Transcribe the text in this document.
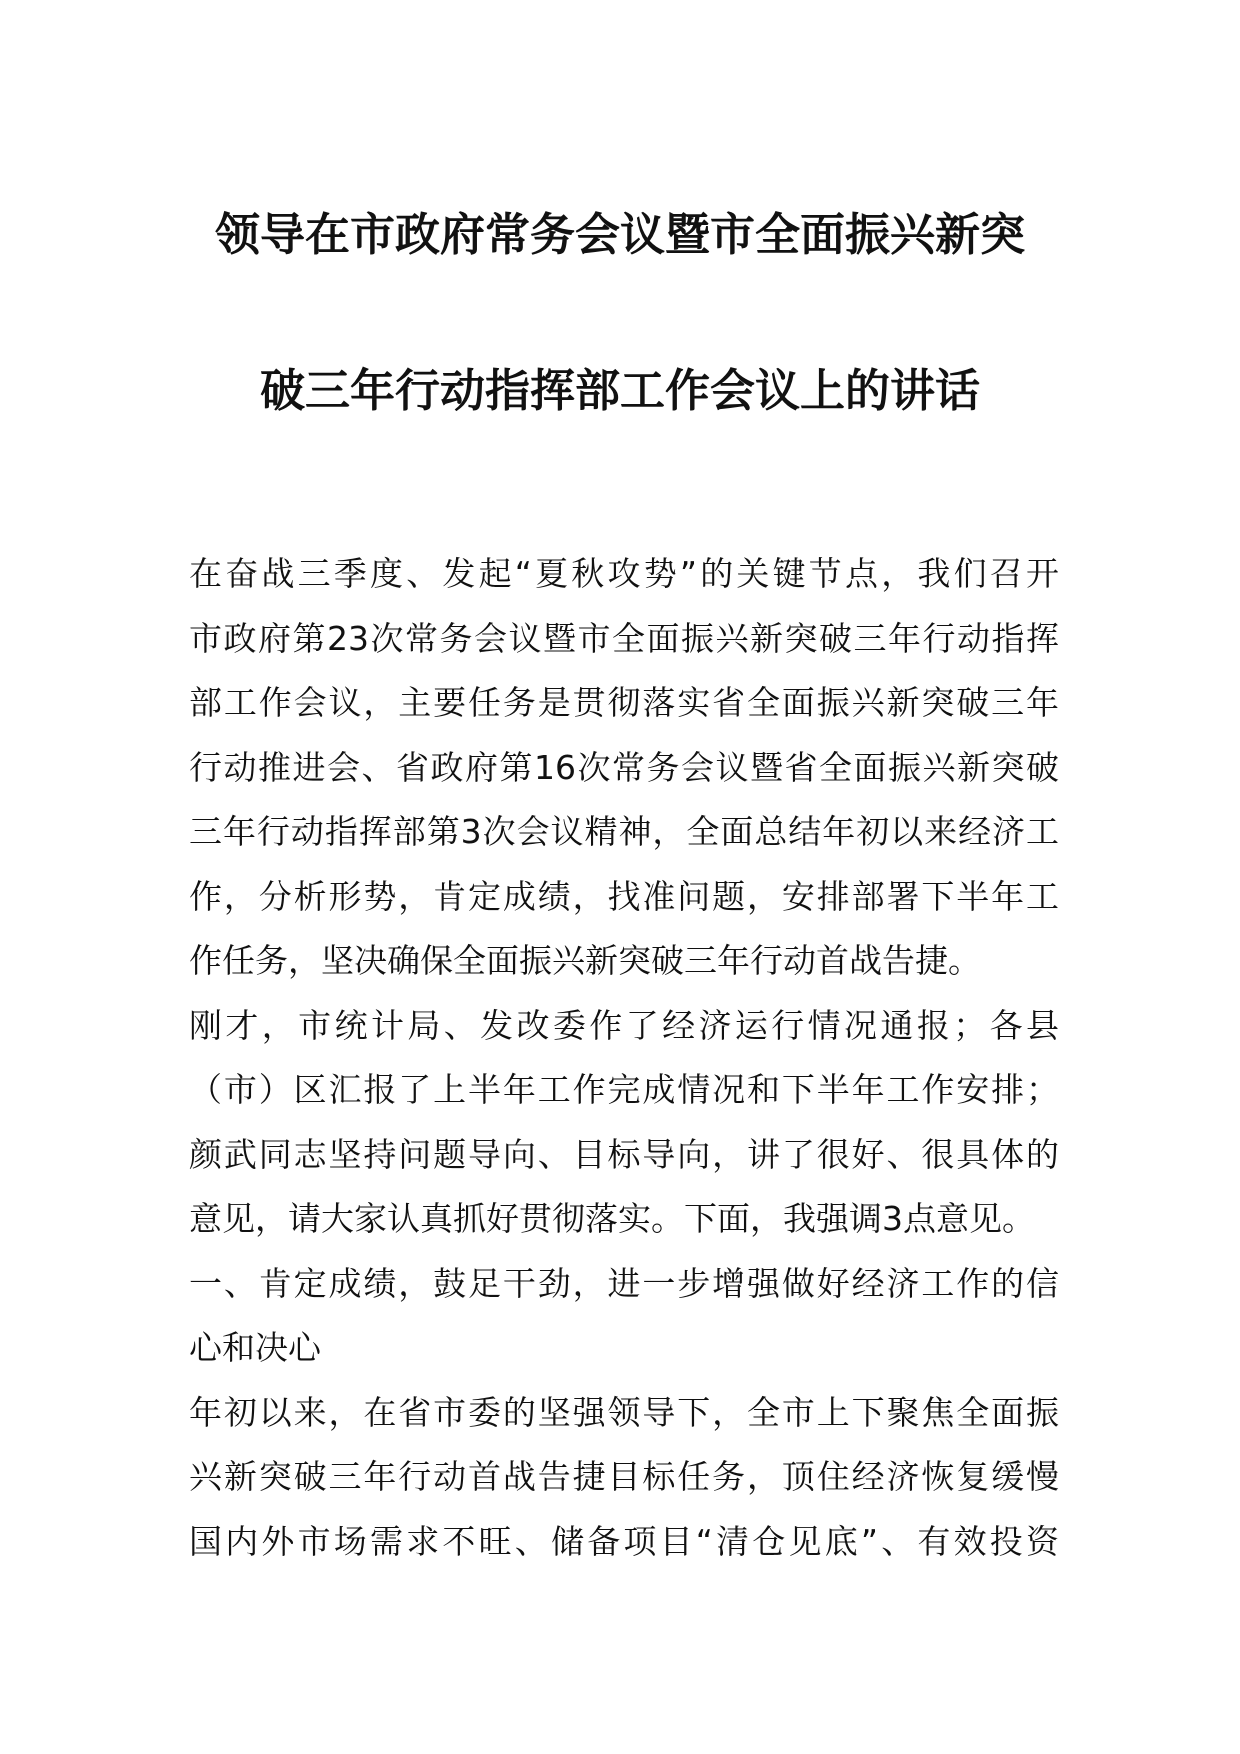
领导在市政府常务会议暨市全面振兴新突
破三年行动指挥部工作会议上的讲话
在奋战三季度、发起“夏秋攻势”的关键节点，我们召开
市政府第23次常务会议暨市全面振兴新突破三年行动指挥
部工作会议，主要任务是贯彻落实省全面振兴新突破三年
行动推进会、省政府第16次常务会议暨省全面振兴新突破
三年行动指挥部第3次会议精神，全面总结年初以来经济工
作，分析形势，肯定成绩，找准问题，安排部署下半年工
作任务，坚决确保全面振兴新突破三年行动首战告捷。
刚才，市统计局、发改委作了经济运行情况通报；各县
（市）区汇报了上半年工作完成情况和下半年工作安排；
颜武同志坚持问题导向、目标导向，讲了很好、很具体的
意见，请大家认真抓好贯彻落实。下面，我强调3点意见。
一、肯定成绩，鼓足干劲，进一步增强做好经济工作的信
心和决心
年初以来，在省市委的坚强领导下，全市上下聚焦全面振
兴新突破三年行动首战告捷目标任务，顶住经济恢复缓慢
国内外市场需求不旺、储备项目“清仓见底”、有效投资
